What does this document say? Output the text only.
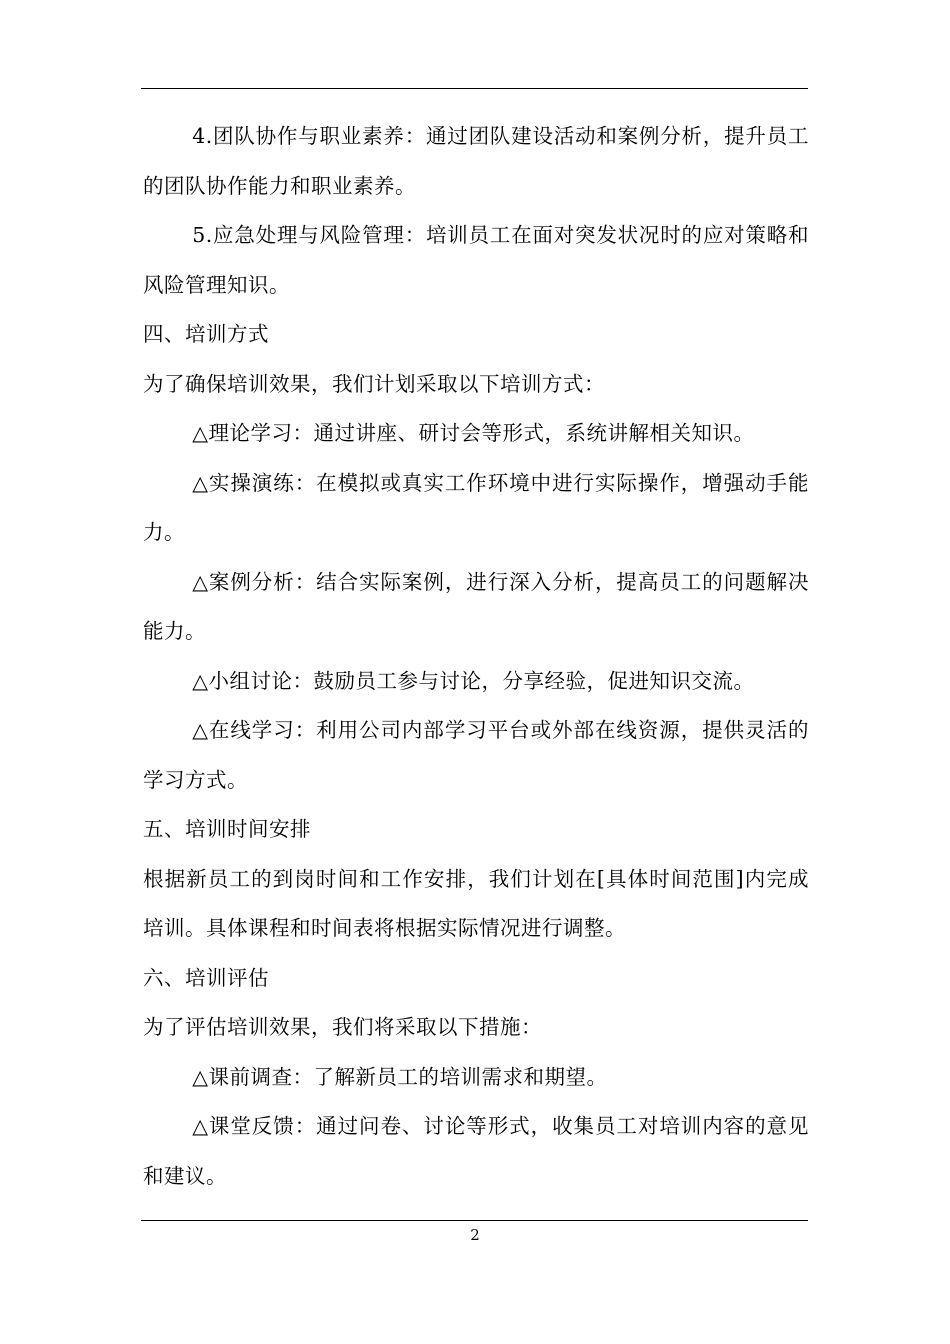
4.团队协作与职业素养：通过团队建设活动和案例分析，提升员工的团队协作能力和职业素养。

5.应急处理与风险管理：培训员工在面对突发状况时的应对策略和风险管理知识。

四、培训方式

为了确保培训效果，我们计划采取以下培训方式：

△理论学习：通过讲座、研讨会等形式，系统讲解相关知识。

△实操演练：在模拟或真实工作环境中进行实际操作，增强动手能力。

△案例分析：结合实际案例，进行深入分析，提高员工的问题解决能力。

△小组讨论：鼓励员工参与讨论，分享经验，促进知识交流。

△在线学习：利用公司内部学习平台或外部在线资源，提供灵活的学习方式。

五、培训时间安排

根据新员工的到岗时间和工作安排，我们计划在[具体时间范围]内完成培训。具体课程和时间表将根据实际情况进行调整。

六、培训评估

为了评估培训效果，我们将采取以下措施：

△课前调查：了解新员工的培训需求和期望。

△课堂反馈：通过问卷、讨论等形式，收集员工对培训内容的意见和建议。

2
